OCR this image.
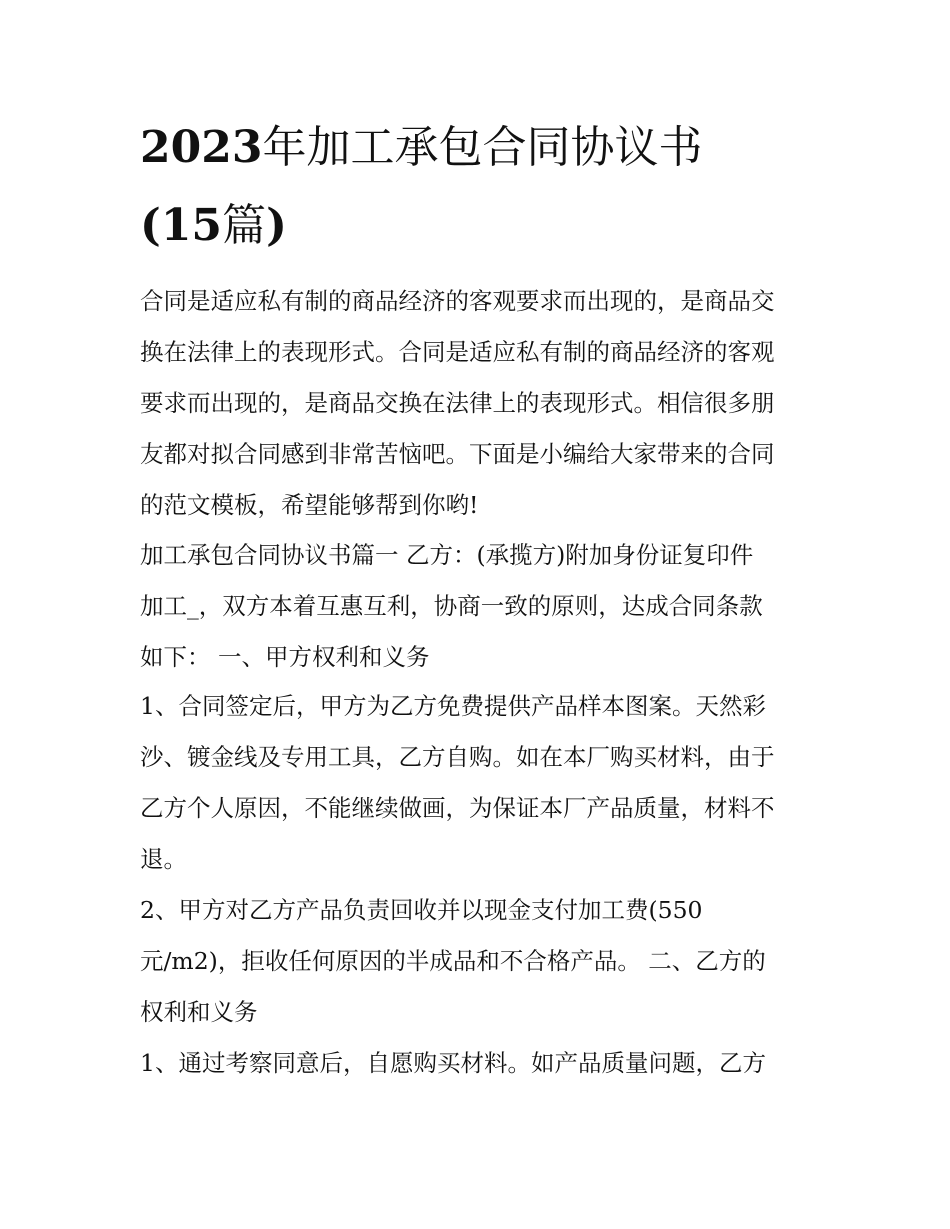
2023年加工承包合同协议书
(15篇)
合同是适应私有制的商品经济的客观要求而出现的，是商品交
换在法律上的表现形式。合同是适应私有制的商品经济的客观
要求而出现的，是商品交换在法律上的表现形式。相信很多朋
友都对拟合同感到非常苦恼吧。下面是小编给大家带来的合同
的范文模板，希望能够帮到你哟!
加工承包合同协议书篇一 乙方：(承揽方)附加身份证复印件
加工_，双方本着互惠互利，协商一致的原则，达成合同条款
如下： 一、甲方权利和义务
1、合同签定后，甲方为乙方免费提供产品样本图案。天然彩
沙、镀金线及专用工具，乙方自购。如在本厂购买材料，由于
乙方个人原因，不能继续做画，为保证本厂产品质量，材料不
退。
2、甲方对乙方产品负责回收并以现金支付加工费(550
元/m2)，拒收任何原因的半成品和不合格产品。 二、乙方的
权利和义务
1、通过考察同意后，自愿购买材料。如产品质量问题，乙方
